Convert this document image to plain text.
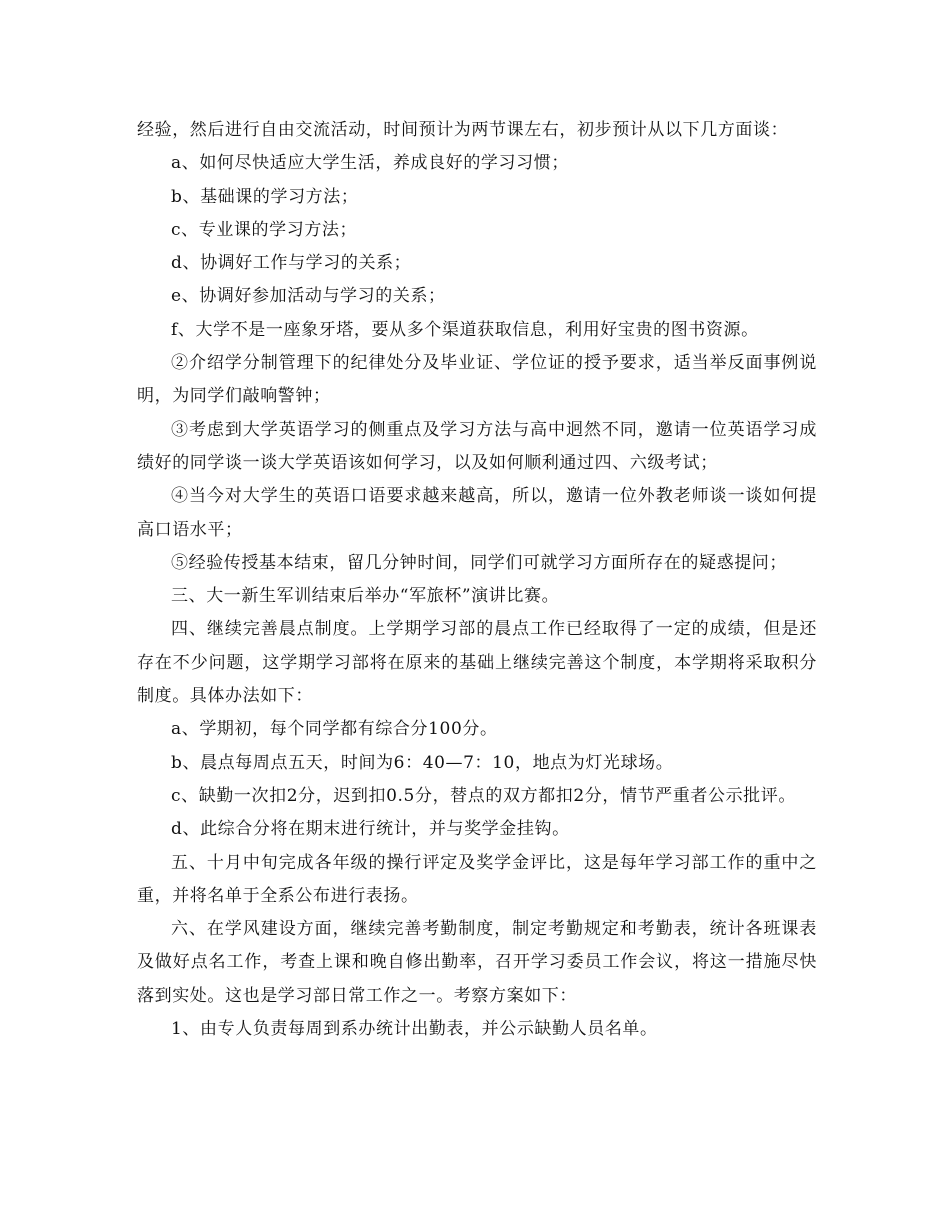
经验，然后进行自由交流活动，时间预计为两节课左右，初步预计从以下几方面谈：

a、如何尽快适应大学生活，养成良好的学习习惯；

b、基础课的学习方法；

c、专业课的学习方法；

d、协调好工作与学习的关系；

e、协调好参加活动与学习的关系；

f、大学不是一座象牙塔，要从多个渠道获取信息，利用好宝贵的图书资源。

②介绍学分制管理下的纪律处分及毕业证、学位证的授予要求，适当举反面事例说明，为同学们敲响警钟；

③考虑到大学英语学习的侧重点及学习方法与高中迥然不同，邀请一位英语学习成绩好的同学谈一谈大学英语该如何学习，以及如何顺利通过四、六级考试；

④当今对大学生的英语口语要求越来越高，所以，邀请一位外教老师谈一谈如何提高口语水平；

⑤经验传授基本结束，留几分钟时间，同学们可就学习方面所存在的疑惑提问；

三、大一新生军训结束后举办“军旅杯”演讲比赛。

四、继续完善晨点制度。上学期学习部的晨点工作已经取得了一定的成绩，但是还存在不少问题，这学期学习部将在原来的基础上继续完善这个制度，本学期将采取积分制度。具体办法如下：

a、学期初，每个同学都有综合分100分。

b、晨点每周点五天，时间为6：40—7：10，地点为灯光球场。

c、缺勤一次扣2分，迟到扣0.5分，替点的双方都扣2分，情节严重者公示批评。

d、此综合分将在期末进行统计，并与奖学金挂钩。

五、十月中旬完成各年级的操行评定及奖学金评比，这是每年学习部工作的重中之重，并将名单于全系公布进行表扬。

六、在学风建设方面，继续完善考勤制度，制定考勤规定和考勤表，统计各班课表及做好点名工作，考查上课和晚自修出勤率，召开学习委员工作会议，将这一措施尽快落到实处。这也是学习部日常工作之一。考察方案如下：

1、由专人负责每周到系办统计出勤表，并公示缺勤人员名单。
